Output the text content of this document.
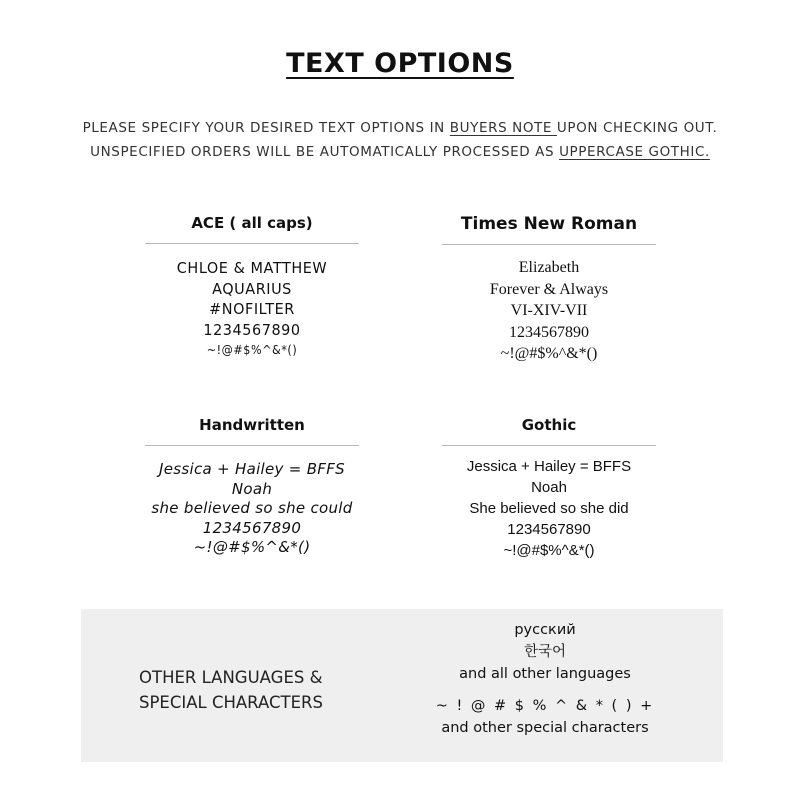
TEXT OPTIONS
PLEASE SPECIFY YOUR DESIRED TEXT OPTIONS IN BUYERS NOTE UPON CHECKING OUT.
UNSPECIFIED ORDERS WILL BE AUTOMATICALLY PROCESSED AS UPPERCASE GOTHIC.
ACE ( all caps)
CHLOE & MATTHEW
AQUARIUS
#NOFILTER
1234567890
~!@#$%^&*()
Times New Roman
Elizabeth
Forever & Always
VI-XIV-VII
1234567890
~!@#$%^&*()
Handwritten
Jessica + Hailey = BFFS
Noah
she believed so she could
1234567890
~!@#$%^&*()
Gothic
Jessica + Hailey = BFFS
Noah
She believed so she did
1234567890
~!@#$%^&*()
OTHER LANGUAGES &
SPECIAL CHARACTERS
русский
한국어
and all other languages
~ ! @ # $ % ^ & * ( ) +
and other special characters
